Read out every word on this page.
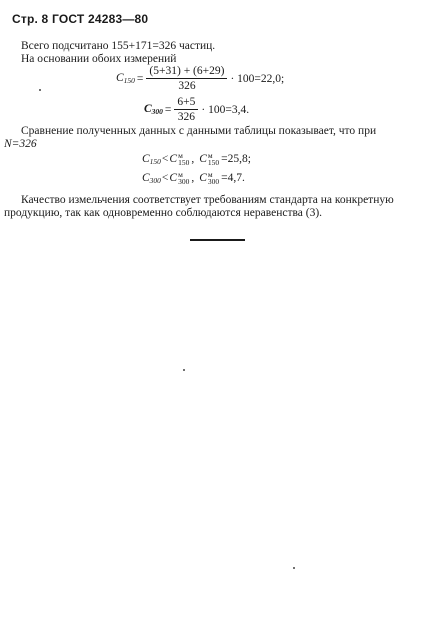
Стр. 8 ГОСТ 24283—80
Всего подсчитано 155+171=326 частиц.
На основании обоих измерений
$C_{150} = \frac{(5+31) + (6+29)}{326} \cdot 100=22,0$;
$C_{300} = \frac{6+5}{326} \cdot 100=3,4$.
Сравнение полученных данных с данными таблицы показывает, что при
N=326
$C_{150} < C$ м
150 , C м
150 =25,8;
$C_{300} < C$ м
300 , C м
300 =4,7.
Качество измельчения соответствует требованиям стандарта на конкретную
продукцию, так как одновременно соблюдаются неравенства (3).
